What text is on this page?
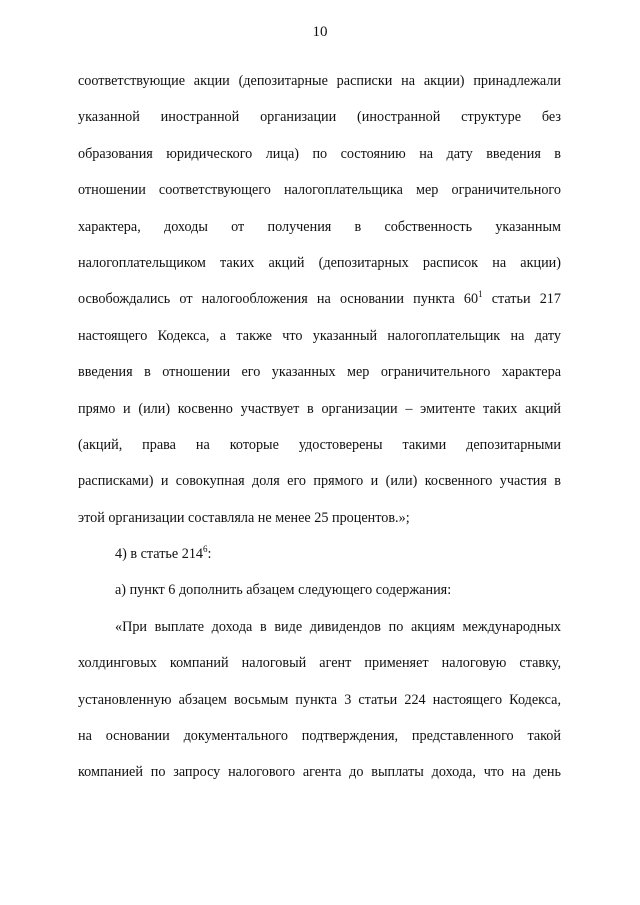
10
соответствующие акции (депозитарные расписки на акции) принадлежали
указанной иностранной организации (иностранной структуре без
образования юридического лица) по состоянию на дату введения в
отношении соответствующего налогоплательщика мер ограничительного
характера, доходы от получения в собственность указанным
налогоплательщиком таких акций (депозитарных расписок на акции)
освобождались от налогообложения на основании пункта $60^1$ статьи 217
настоящего Кодекса, а также что указанный налогоплательщик на дату
введения в отношении его указанных мер ограничительного характера
прямо и (или) косвенно участвует в организации – эмитенте таких акций
(акций, права на которые удостоверены такими депозитарными
расписками) и совокупная доля его прямого и (или) косвенного участия в
этой организации составляла не менее 25 процентов.»;
4) в статье $214^6$:
а) пункт 6 дополнить абзацем следующего содержания:
«При выплате дохода в виде дивидендов по акциям международных
холдинговых компаний налоговый агент применяет налоговую ставку,
установленную абзацем восьмым пункта 3 статьи 224 настоящего Кодекса,
на основании документального подтверждения, представленного такой
компанией по запросу налогового агента до выплаты дохода, что на день
